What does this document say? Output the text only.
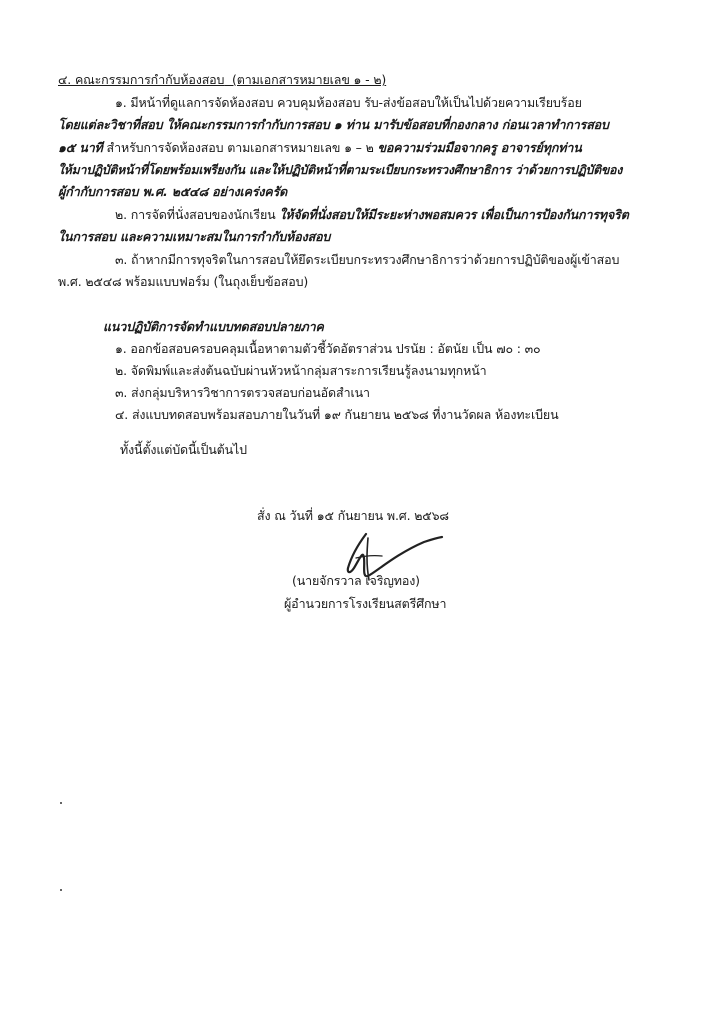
๔. คณะกรรมการกำกับห้องสอบ (ตามเอกสารหมายเลข ๑ - ๒)
๑. มีหน้าที่ดูแลการจัดห้องสอบ ควบคุมห้องสอบ รับ-ส่งข้อสอบให้เป็นไปด้วยความเรียบร้อย
โดยแต่ละวิชาที่สอบ ให้คณะกรรมการกำกับการสอบ ๑ ท่าน มารับข้อสอบที่กองกลาง ก่อนเวลาทำการสอบ
๑๕ นาที สำหรับการจัดห้องสอบ ตามเอกสารหมายเลข ๑ – ๒ ขอความร่วมมือจากครู อาจารย์ทุกท่าน
ให้มาปฏิบัติหน้าที่โดยพร้อมเพรียงกัน และให้ปฏิบัติหน้าที่ตามระเบียบกระทรวงศึกษาธิการ ว่าด้วยการปฏิบัติของ
ผู้กำกับการสอบ พ.ศ. ๒๕๔๘ อย่างเคร่งครัด
๒. การจัดที่นั่งสอบของนักเรียน ให้จัดที่นั่งสอบให้มีระยะห่างพอสมควร เพื่อเป็นการป้องกันการทุจริต
ในการสอบ และความเหมาะสมในการกำกับห้องสอบ
๓. ถ้าหากมีการทุจริตในการสอบให้ยึดระเบียบกระทรวงศึกษาธิการว่าด้วยการปฏิบัติของผู้เข้าสอบ
พ.ศ. ๒๕๔๘ พร้อมแบบฟอร์ม (ในถุงเย็บข้อสอบ)
แนวปฏิบัติการจัดทำแบบทดสอบปลายภาค
๑. ออกข้อสอบครอบคลุมเนื้อหาตามตัวชี้วัดอัตราส่วน ปรนัย : อัตนัย เป็น ๗๐ : ๓๐
๒. จัดพิมพ์และส่งต้นฉบับผ่านหัวหน้ากลุ่มสาระการเรียนรู้ลงนามทุกหน้า
๓. ส่งกลุ่มบริหารวิชาการตรวจสอบก่อนอัดสำเนา
๔. ส่งแบบทดสอบพร้อมสอบภายในวันที่ ๑๙ กันยายน ๒๕๖๘ ที่งานวัดผล ห้องทะเบียน
ทั้งนี้ตั้งแต่บัดนี้เป็นต้นไป
สั่ง ณ วันที่ ๑๕ กันยายน พ.ศ. ๒๕๖๘
(นายจักรวาล เจริญทอง)
ผู้อำนวยการโรงเรียนสตรีศึกษา
